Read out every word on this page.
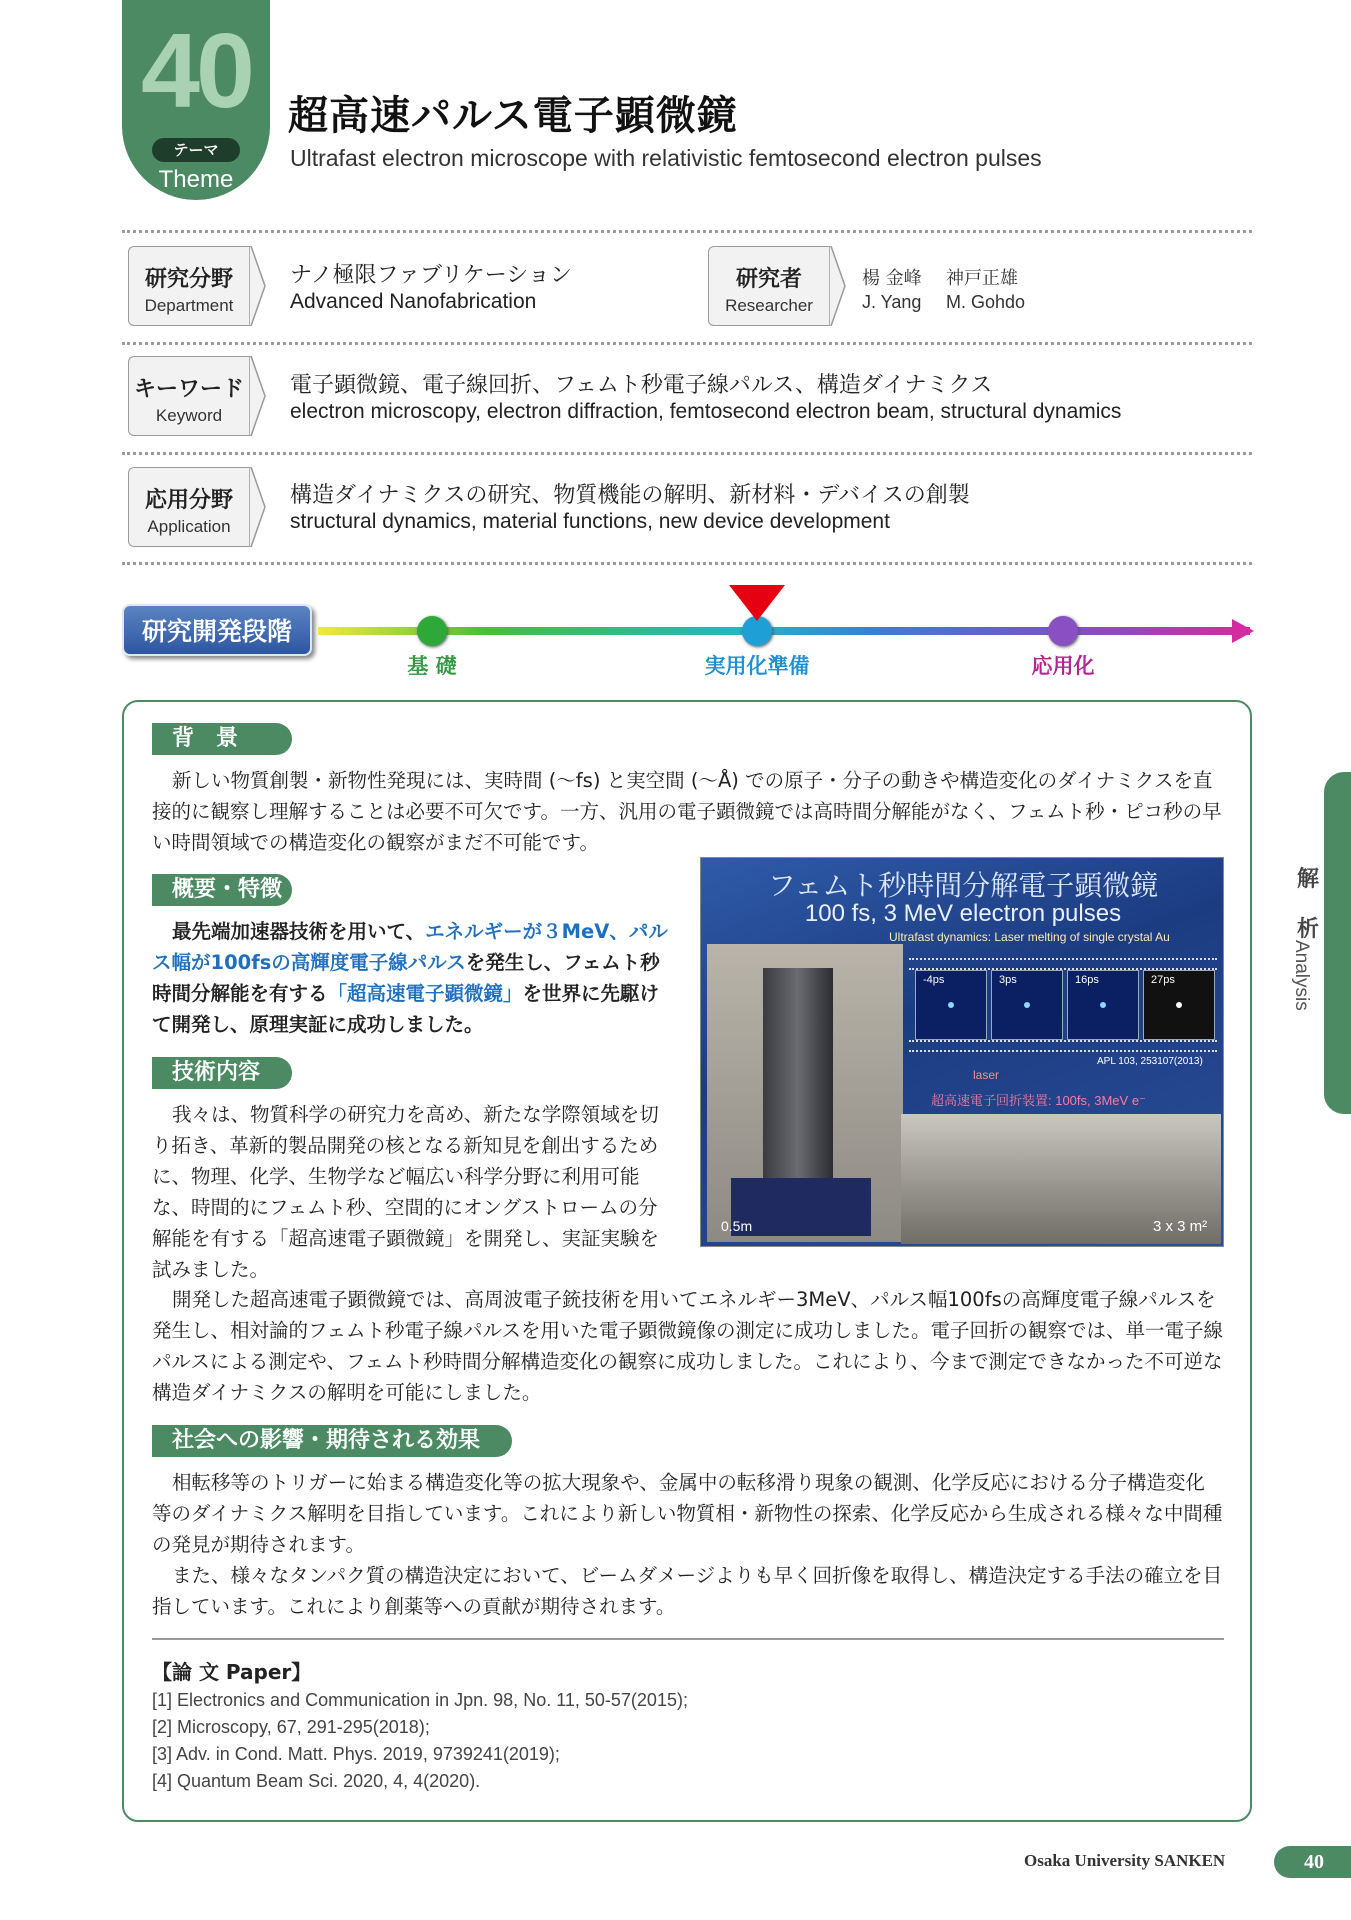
40
テーマ
Theme
超高速パルス電子顕微鏡
Ultrafast electron microscope with relativistic femtosecond electron pulses
研究分野
Department
ナノ極限ファブリケーション
Advanced Nanofabrication
研究者
Researcher
楊 金峰 神戸正雄
J. Yang M. Gohdo
キーワード
Keyword
電子顕微鏡、電子線回折、フェムト秒電子線パルス、構造ダイナミクス
electron microscopy, electron diffraction, femtosecond electron beam, structural dynamics
応用分野
Application
構造ダイナミクスの研究、物質機能の解明、新材料・デバイスの創製
structural dynamics, material functions, new device development
研究開発段階
基 礎	実用化準備	応用化
背　景
新しい物質創製・新物性発現には、実時間 (〜fs) と実空間 (〜Å) での原子・分子の動きや構造変化のダイナミクスを直接的に観察し理解することは必要不可欠です。一方、汎用の電子顕微鏡では高時間分解能がなく、フェムト秒・ピコ秒の早い時間領域での構造変化の観察がまだ不可能です。
概要・特徴
最先端加速器技術を用いて、エネルギーが３MeV、パルス幅が100fsの高輝度電子線パルスを発生し、フェムト秒時間分解能を有する「超高速電子顕微鏡」を世界に先駆けて開発し、原理実証に成功しました。
技術内容
我々は、物質科学の研究力を高め、新たな学際領域を切り拓き、革新的製品開発の核となる新知見を創出するために、物理、化学、生物学など幅広い科学分野に利用可能な、時間的にフェムト秒、空間的にオングストロームの分解能を有する「超高速電子顕微鏡」を開発し、実証実験を試みました。
開発した超高速電子顕微鏡では、高周波電子銃技術を用いてエネルギー3MeV、パルス幅100fsの高輝度電子線パルスを発生し、相対論的フェムト秒電子線パルスを用いた電子顕微鏡像の測定に成功しました。電子回折の観察では、単一電子線パルスによる測定や、フェムト秒時間分解構造変化の観察に成功しました。これにより、今まで測定できなかった不可逆な構造ダイナミクスの解明を可能にしました。
フェムト秒時間分解電子顕微鏡
100 fs, 3 MeV electron pulses
0.5m
Ultrafast dynamics: Laser melting of single crystal Au
-4ps	3ps	16ps	27ps
APL 103, 253107(2013)
laser
超高速電子回折装置: 100fs, 3MeV e⁻
3 x 3 m²
社会への影響・期待される効果
相転移等のトリガーに始まる構造変化等の拡大現象や、金属中の転移滑り現象の観測、化学反応における分子構造変化等のダイナミクス解明を目指しています。これにより新しい物質相・新物性の探索、化学反応から生成される様々な中間種の発見が期待されます。
また、様々なタンパク質の構造決定において、ビームダメージよりも早く回折像を取得し、構造決定する手法の確立を目指しています。これにより創薬等への貢献が期待されます。
【論 文 Paper】
[1] Electronics and Communication in Jpn. 98, No. 11, 50-57(2015);
[2] Microscopy, 67, 291-295(2018);
[3] Adv. in Cond. Matt. Phys. 2019, 9739241(2019);
[4] Quantum Beam Sci. 2020, 4, 4(2020).
解
析
Analysis
Osaka University SANKEN	40
